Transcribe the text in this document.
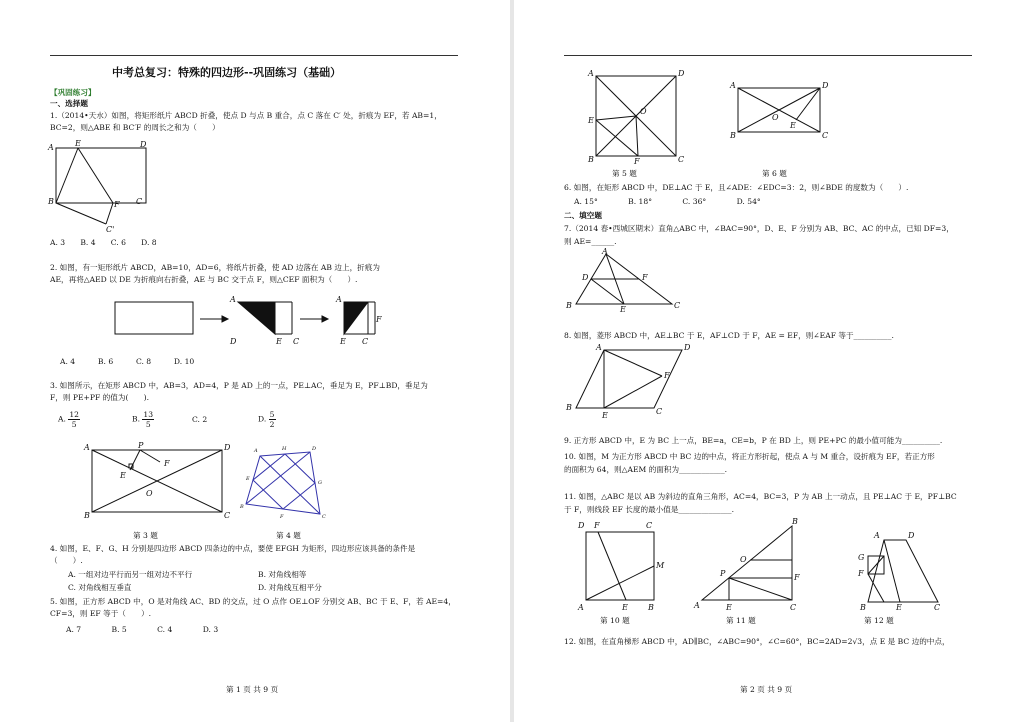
中考总复习：特殊的四边形--巩固练习（基础）
【巩固练习】
一、选择题
1.（2014•天水）如图，将矩形纸片 ABCD 折叠，使点 D 与点 B 重合，点 C 落在 C′ 处，折痕为 EF，若 AB=1，
BC=2，则△ABE 和 BC′F 的周长之和为（　　）
A	E	D
B	F C
C'
A. 3　　B. 4　　C. 6　　D. 8
2. 如图，有一矩形纸片 ABCD，AB=10，AD=6，将纸片折叠，使 AD 边落在 AB 边上，折痕为
AE，再将△AED 以 DE 为折痕向右折叠，AE 与 BC 交于点 F，则△CEF 面积为（　　）.
A
D	E C
A
E C
F
A. 4　　　B. 6　　　C. 8　　　D. 10
3. 如图所示，在矩形 ABCD 中，AB=3，AD=4，P 是 AD 上的一点，PE⊥AC，垂足为 E，PF⊥BD，垂足为
F，则 PE+PF 的值为(　　).
A. $\frac{12}{5}$	B. $\frac{13}{5}$	C. 2	D. $\frac{5}{2}$
A	P	D
E
F
O
B	C
A	H	D
E
G
B
F	C
第 3 题	第 4 题
4. 如图，E、F、G、H 分别是四边形 ABCD 四条边的中点，要使 EFGH 为矩形，四边形应该具备的条件是
（　　）.
A. 一组对边平行而另一组对边不平行	B. 对角线相等
C. 对角线相互垂直	D. 对角线互相平分
5. 如图，正方形 ABCD 中，O 是对角线 AC、BD 的交点，过 O 点作 OE⊥OF 分别交 AB、BC 于 E、F，若 AE=4，
CF=3，则 EF 等于（　　）.
A. 7　　　　B. 5　　　　C. 4　　　　D. 3
第 1 页 共 9 页
A	D
O
E
B	F	C
A	D
O
E
B	C
第 5 题	第 6 题
6. 如图，在矩形 ABCD 中，DE⊥AC 于 E，且∠ADE：∠EDC=3：2，则∠BDE 的度数为（　　）.
A. 15°　　　　B. 18°　　　　C. 36°　　　　D. 54°
二、填空题
7.（2014 春•西城区期末）直角△ABC 中，∠BAC=90°，D、E、F 分别为 AB、BC、AC 的中点，已知 DF=3，
则 AE=______.
A
D	F
B	E	C
8. 如图，菱形 ABCD 中，AE⊥BC 于 E，AF⊥CD 于 F，AE = EF，则∠EAF 等于__________.
A	D
F
B
E	C
9. 正方形 ABCD 中，E 为 BC 上一点，BE=a，CE=b，P 在 BD 上，则 PE+PC 的最小值可能为__________.
10. 如图，M 为正方形 ABCD 中 BC 边的中点，将正方形折起，使点 A 与 M 重合，设折痕为 EF，若正方形
的面积为 64，则△AEM 的面积为____________.
11. 如图，△ABC 是以 AB 为斜边的直角三角形，AC=4，BC=3，P 为 AB 上一动点，且 PE⊥AC 于 E，PF⊥BC
于 F，则线段 EF 长度的最小值是______________.
D F	C
M
A	E	B	A
B
O
P	F
E	C
A	D
G
F
B	E	C
第 10 题	第 11 题	第 12 题
12. 如图，在直角梯形 ABCD 中，AD∥BC，∠ABC=90°，∠C=60°，BC=2AD=2√3，点 E 是 BC 边的中点，
第 2 页 共 9 页
